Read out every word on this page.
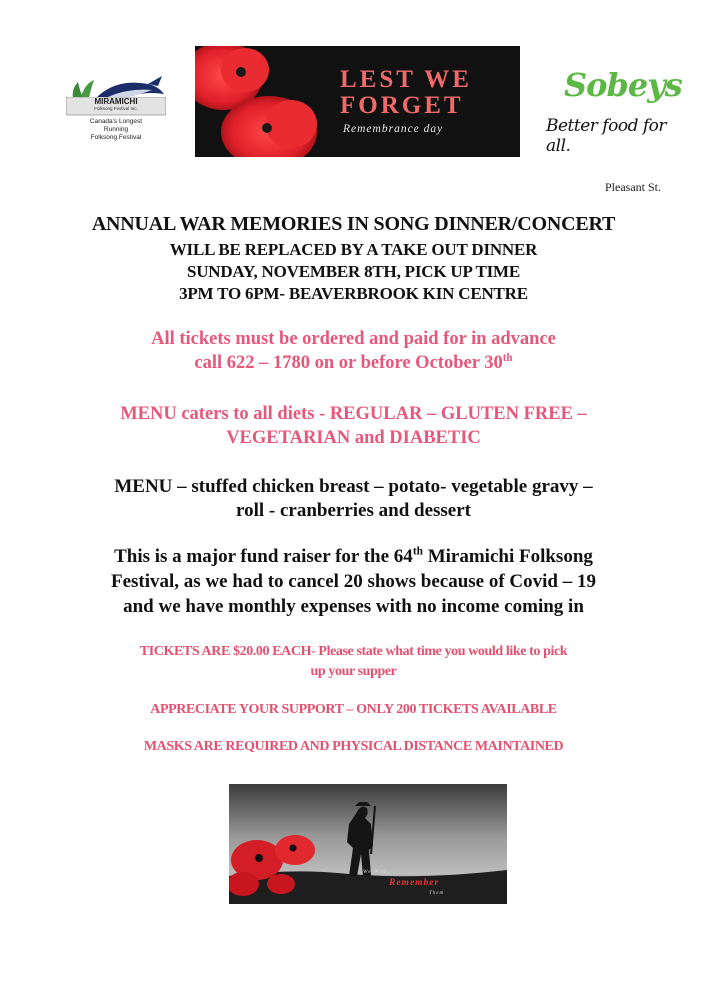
MIRAMICHI
Folksong Festival Inc.
Canada's Longest
Running
Folksong Festival
LEST WE
FORGET
Remembrance day
Sobeys
Better food for all.
Pleasant St.
ANNUAL WAR MEMORIES IN SONG DINNER/CONCERT
WILL BE REPLACED BY A TAKE OUT DINNER
SUNDAY, NOVEMBER 8TH, PICK UP TIME
3PM TO 6PM- BEAVERBROOK KIN CENTRE
All tickets must be ordered and paid for in advance
call 622 – 1780 on or before October 30th
MENU caters to all diets - REGULAR – GLUTEN FREE –
VEGETARIAN and DIABETIC
MENU – stuffed chicken breast – potato- vegetable gravy –
roll - cranberries and dessert
This is a major fund raiser for the 64th Miramichi Folksong
Festival, as we had to cancel 20 shows because of Covid – 19
and we have monthly expenses with no income coming in
TICKETS ARE $20.00 EACH- Please state what time you would like to pick
up your supper
APPRECIATE YOUR SUPPORT – ONLY 200 TICKETS AVAILABLE
MASKS ARE REQUIRED AND PHYSICAL DISTANCE MAINTAINED
We Will
Remember
Them
